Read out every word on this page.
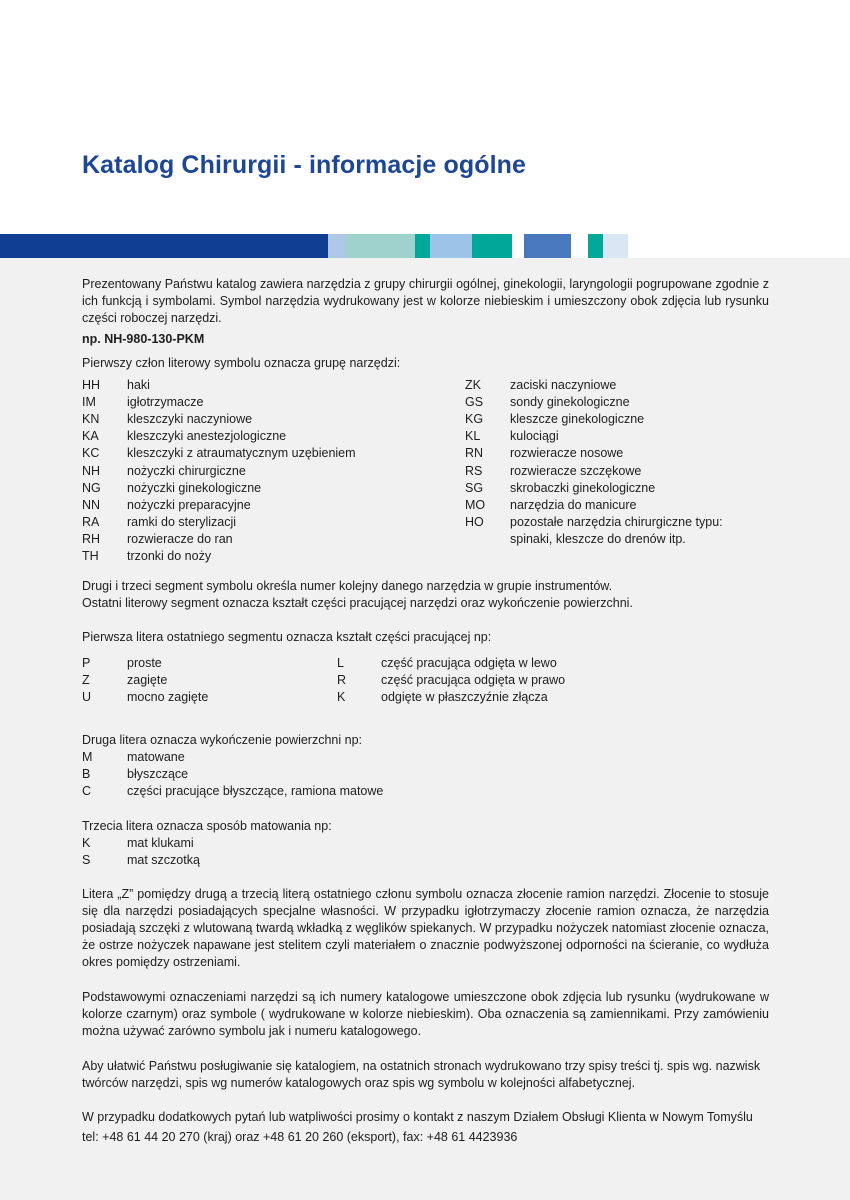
Katalog Chirurgii - informacje ogólne

Prezentowany Państwu katalog zawiera narzędzia z grupy chirurgii ogólnej, ginekologii, laryngologii pogrupowane zgodnie z ich funkcją i symbolami. Symbol narzędzia wydrukowany jest w kolorze niebieskim i umieszczony obok zdjęcia lub rysunku części roboczej narzędzi.

np. NH-980-130-PKM
Pierwszy człon literowy symbolu oznacza grupę narzędzi:
HH haki
IM igłotrzymacze
KN kleszczyki naczyniowe
KA kleszczyki anestezjologiczne
KC kleszczyki z atraumatycznym uzębieniem
NH nożyczki chirurgiczne
NG nożyczki ginekologiczne
NN nożyczki preparacyjne
RA ramki do sterylizacji
RH rozwieracze do ran
TH trzonki do noży
ZK zaciski naczyniowe
GS sondy ginekologiczne
KG kleszcze ginekologiczne
KL kulociągi
RN rozwieracze nosowe
RS rozwieracze szczękowe
SG skrobaczki ginekologiczne
MO narzędzia do manicure
HO pozostałe narzędzia chirurgiczne typu:
spinaki, kleszcze do drenów itp.
Drugi i trzeci segment symbolu określa numer kolejny danego narzędzia w grupie instrumentów.
Ostatni literowy segment oznacza kształt części pracującej narzędzi oraz wykończenie powierzchni.
Pierwsza litera ostatniego segmentu oznacza kształt części pracującej np:
P	proste
Z	zagięte
U	mocno zagięte
L	część pracująca odgięta w lewo
R	część pracująca odgięta w prawo
K	odgięte w płaszczyźnie złącza
Druga litera oznacza wykończenie powierzchni np:
M	matowane
B	błyszczące
C	części pracujące błyszczące, ramiona matowe
Trzecia litera oznacza sposób matowania np:
K	mat klukami
S	mat szczotką

Litera „Z” pomiędzy drugą a trzecią literą ostatniego członu symbolu oznacza złocenie ramion narzędzi. Złocenie to stosuje się dla narzędzi posiadających specjalne własności. W przypadku igłotrzymaczy złocenie ramion oznacza, że narzędzia posiadają szczęki z wlutowaną twardą wkładką z węglików spiekanych. W przypadku nożyczek natomiast złocenie oznacza, że ostrze nożyczek napawane jest stelitem czyli materiałem o znacznie podwyższonej odporności na ścieranie, co wydłuża okres pomiędzy ostrzeniami.

Podstawowymi oznaczeniami narzędzi są ich numery katalogowe umieszczone obok zdjęcia lub rysunku (wydrukowane w kolorze czarnym) oraz symbole ( wydrukowane w kolorze niebieskim). Oba oznaczenia są zamiennikami. Przy zamówieniu można używać zarówno symbolu jak i numeru katalogowego.

Aby ułatwić Państwu posługiwanie się katalogiem, na ostatnich stronach wydrukowano trzy spisy treści tj. spis wg. nazwisk twórców narzędzi, spis wg numerów katalogowych oraz spis wg symbolu w kolejności alfabetycznej.

W przypadku dodatkowych pytań lub watpliwości prosimy o kontakt z naszym Działem Obsługi Klienta w Nowym Tomyślu
tel: +48 61 44 20 270 (kraj) oraz +48 61 20 260 (eksport), fax: +48 61 4423936
